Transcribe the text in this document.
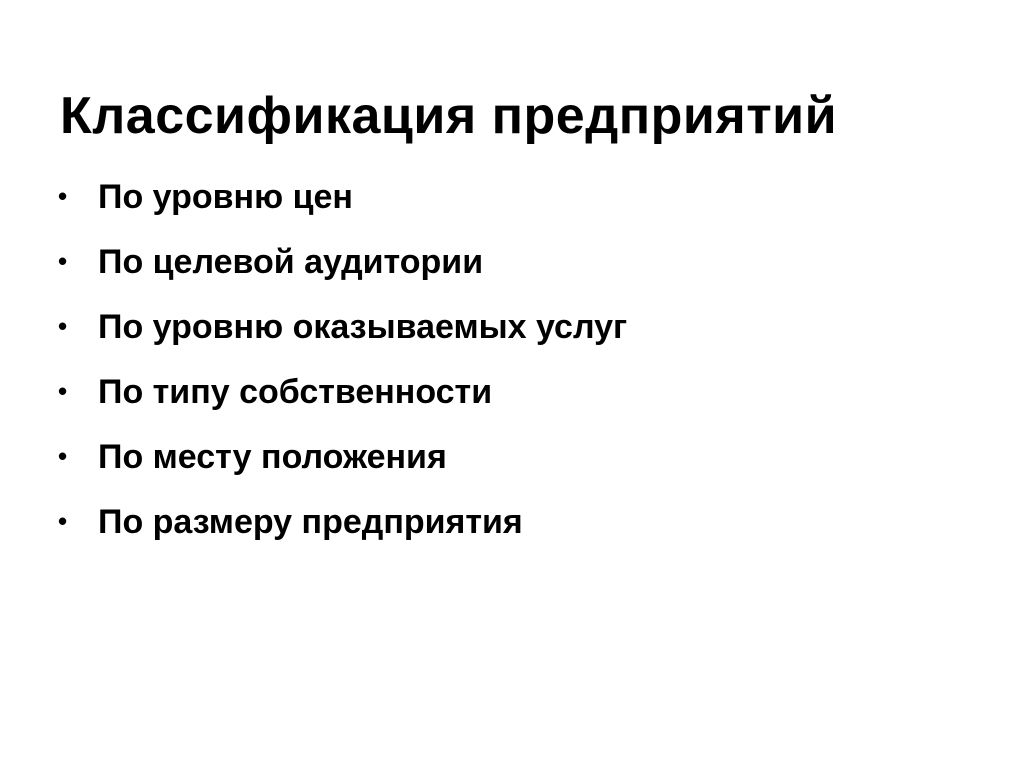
Классификация предприятий
• По уровню цен
• По целевой аудитории
• По уровню оказываемых услуг
• По типу собственности
• По месту положения
• По размеру предприятия
